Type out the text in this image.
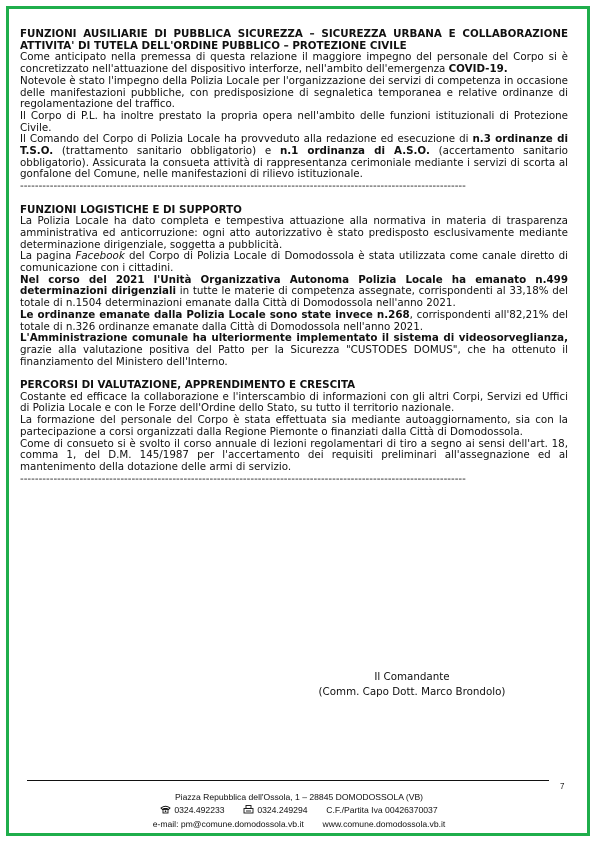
FUNZIONI AUSILIARIE DI PUBBLICA SICUREZZA – SICUREZZA URBANA E COLLABORAZIONE ATTIVITA' DI TUTELA DELL'ORDINE PUBBLICO – PROTEZIONE CIVILE

Come anticipato nella premessa di questa relazione il maggiore impegno del personale del Corpo si è concretizzato nell'attuazione del dispositivo interforze, nell'ambito dell'emergenza COVID-19.

Notevole è stato l'impegno della Polizia Locale per l'organizzazione dei servizi di competenza in occasione delle manifestazioni pubbliche, con predisposizione di segnaletica temporanea e relative ordinanze di regolamentazione del traffico.

Il Corpo di P.L. ha inoltre prestato la propria opera nell'ambito delle funzioni istituzionali di Protezione Civile.

Il Comando del Corpo di Polizia Locale ha provveduto alla redazione ed esecuzione di n.3 ordinanze di T.S.O. (trattamento sanitario obbligatorio) e n.1 ordinanza di A.S.O. (accertamento sanitario obbligatorio). Assicurata la consueta attività di rappresentanza cerimoniale mediante i servizi di scorta al gonfalone del Comune, nelle manifestazioni di rilievo istituzionale.

------------------------------------------------------------------------------------------------------------------------

FUNZIONI LOGISTICHE E DI SUPPORTO

La Polizia Locale ha dato completa e tempestiva attuazione alla normativa in materia di trasparenza amministrativa ed anticorruzione: ogni atto autorizzativo è stato predisposto esclusivamente mediante determinazione dirigenziale, soggetta a pubblicità.

La pagina Facebook del Corpo di Polizia Locale di Domodossola è stata utilizzata come canale diretto di comunicazione con i cittadini.

Nel corso del 2021 l'Unità Organizzativa Autonoma Polizia Locale ha emanato n.499 determinazioni dirigenziali in tutte le materie di competenza assegnate, corrispondenti al 33,18% del totale di n.1504 determinazioni emanate dalla Città di Domodossola nell'anno 2021.

Le ordinanze emanate dalla Polizia Locale sono state invece n.268, corrispondenti all'82,21% del totale di n.326 ordinanze emanate dalla Città di Domodossola nell'anno 2021.

L'Amministrazione comunale ha ulteriormente implementato il sistema di videosorveglianza, grazie alla valutazione positiva del Patto per la Sicurezza "CUSTODES DOMUS", che ha ottenuto il finanziamento del Ministero dell'Interno.

PERCORSI DI VALUTAZIONE, APPRENDIMENTO E CRESCITA

Costante ed efficace la collaborazione e l'interscambio di informazioni con gli altri Corpi, Servizi ed Uffici di Polizia Locale e con le Forze dell'Ordine dello Stato, su tutto il territorio nazionale.

La formazione del personale del Corpo è stata effettuata sia mediante autoaggiornamento, sia con la partecipazione a corsi organizzati dalla Regione Piemonte o finanziati dalla Città di Domodossola.

Come di consueto si è svolto il corso annuale di lezioni regolamentari di tiro a segno ai sensi dell'art. 18, comma 1, del D.M. 145/1987 per l'accertamento dei requisiti preliminari all'assegnazione ed al mantenimento della dotazione delle armi di servizio.

------------------------------------------------------------------------------------------------------------------------

Il Comandante
(Comm. Capo Dott. Marco Brondolo)
7
Piazza Repubblica dell'Ossola, 1 – 28845 DOMODOSSOLA (VB)
0324.492233	0324.249294 C.F./Partita Iva 00426370037
e-mail: pm@comune.domodossola.vb.it www.comune.domodossola.vb.it
